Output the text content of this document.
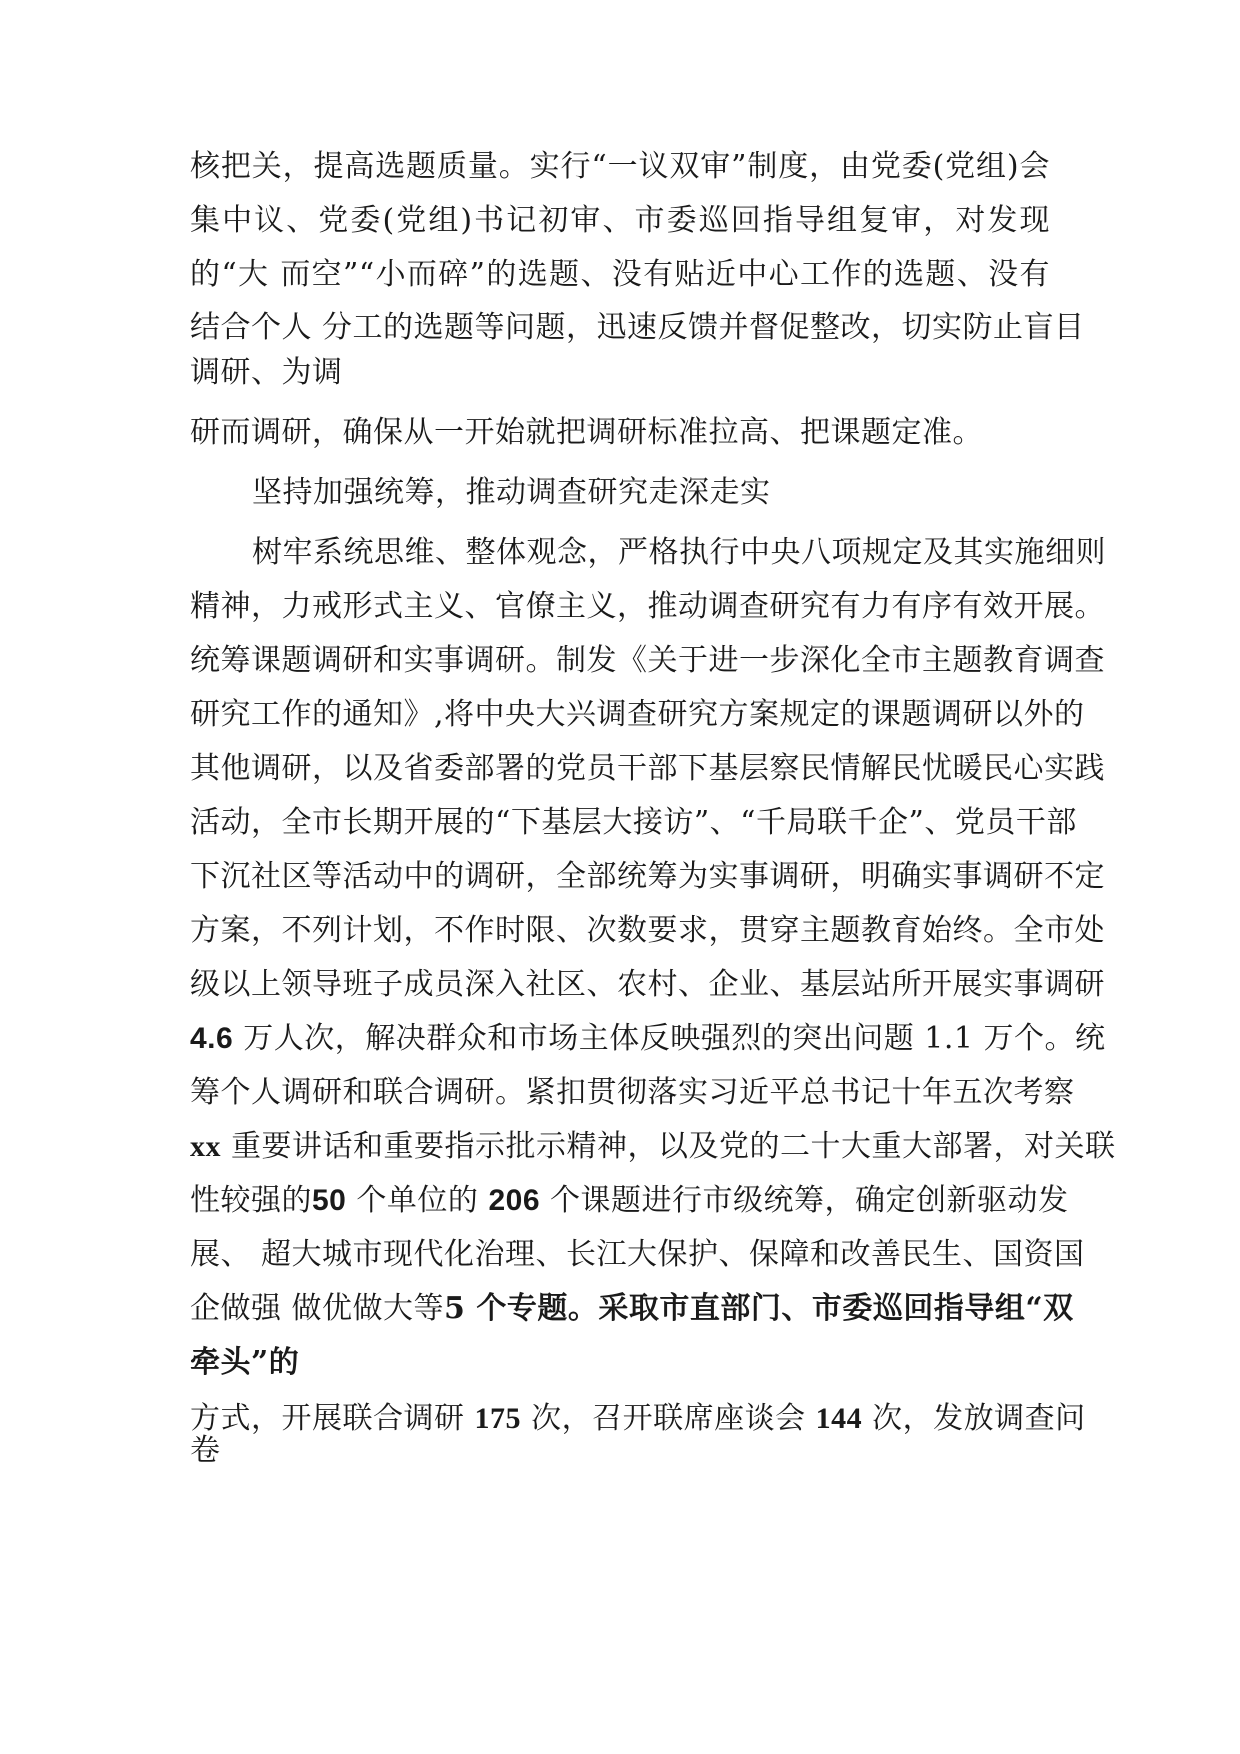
核把关，提高选题质量。实行“一议双审”制度，由党委(党组)会
集中议、党委(党组)书记初审、市委巡回指导组复审，对发现
的“大 而空”“小而碎”的选题、没有贴近中心工作的选题、没有
结合个人 分工的选题等问题，迅速反馈并督促整改，切实防止盲目
调研、为调
研而调研，确保从一开始就把调研标准拉高、把课题定准。
坚持加强统筹，推动调查研究走深走实
树牢系统思维、整体观念，严格执行中央八项规定及其实施细则
精神，力戒形式主义、官僚主义，推动调查研究有力有序有效开展。
统筹课题调研和实事调研。制发《关于进一步深化全市主题教育调查
研究工作的通知》,将中央大兴调查研究方案规定的课题调研以外的
其他调研，以及省委部署的党员干部下基层察民情解民忧暖民心实践
活动，全市长期开展的“下基层大接访”、“千局联千企”、党员干部
下沉社区等活动中的调研，全部统筹为实事调研，明确实事调研不定
方案，不列计划，不作时限、次数要求，贯穿主题教育始终。全市处
级以上领导班子成员深入社区、农村、企业、基层站所开展实事调研
4.6 万人次，解决群众和市场主体反映强烈的突出问题 1.1 万个。统
筹个人调研和联合调研。紧扣贯彻落实习近平总书记十年五次考察
xx 重要讲话和重要指示批示精神，以及党的二十大重大部署，对关联
性较强的50 个单位的 206 个课题进行市级统筹，确定创新驱动发
展、 超大城市现代化治理、长江大保护、保障和改善民生、国资国
企做强 做优做大等5 个专题。采取市直部门、市委巡回指导组“双
牵头”的
方式，开展联合调研 175 次，召开联席座谈会 144 次，发放调查问
卷
